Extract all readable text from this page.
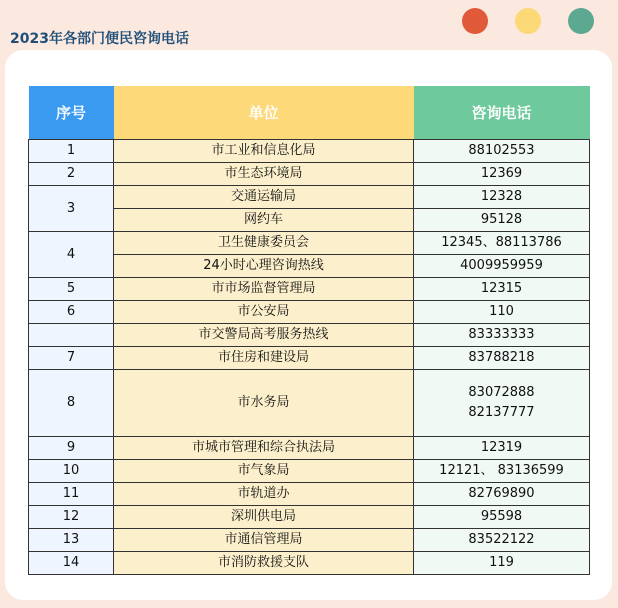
2023年各部门便民咨询电话
序号	单位	咨询电话
1	市工业和信息化局	88102553
2	市生态环境局	12369
3	交通运输局	12328
	网约车	95128
4	卫生健康委员会	12345、88113786
	24小时心理咨询热线	4009959959
5	市市场监督管理局	12315
6	市公安局	110
	市交警局高考服务热线	83333333
7	市住房和建设局	83788218
8	市水务局	83072888
82137777

9	市城市管理和综合执法局	12319
10	市气象局	12121、 83136599
11	市轨道办	82769890
12	深圳供电局	95598
13	市通信管理局	83522122
14	市消防救援支队	119
